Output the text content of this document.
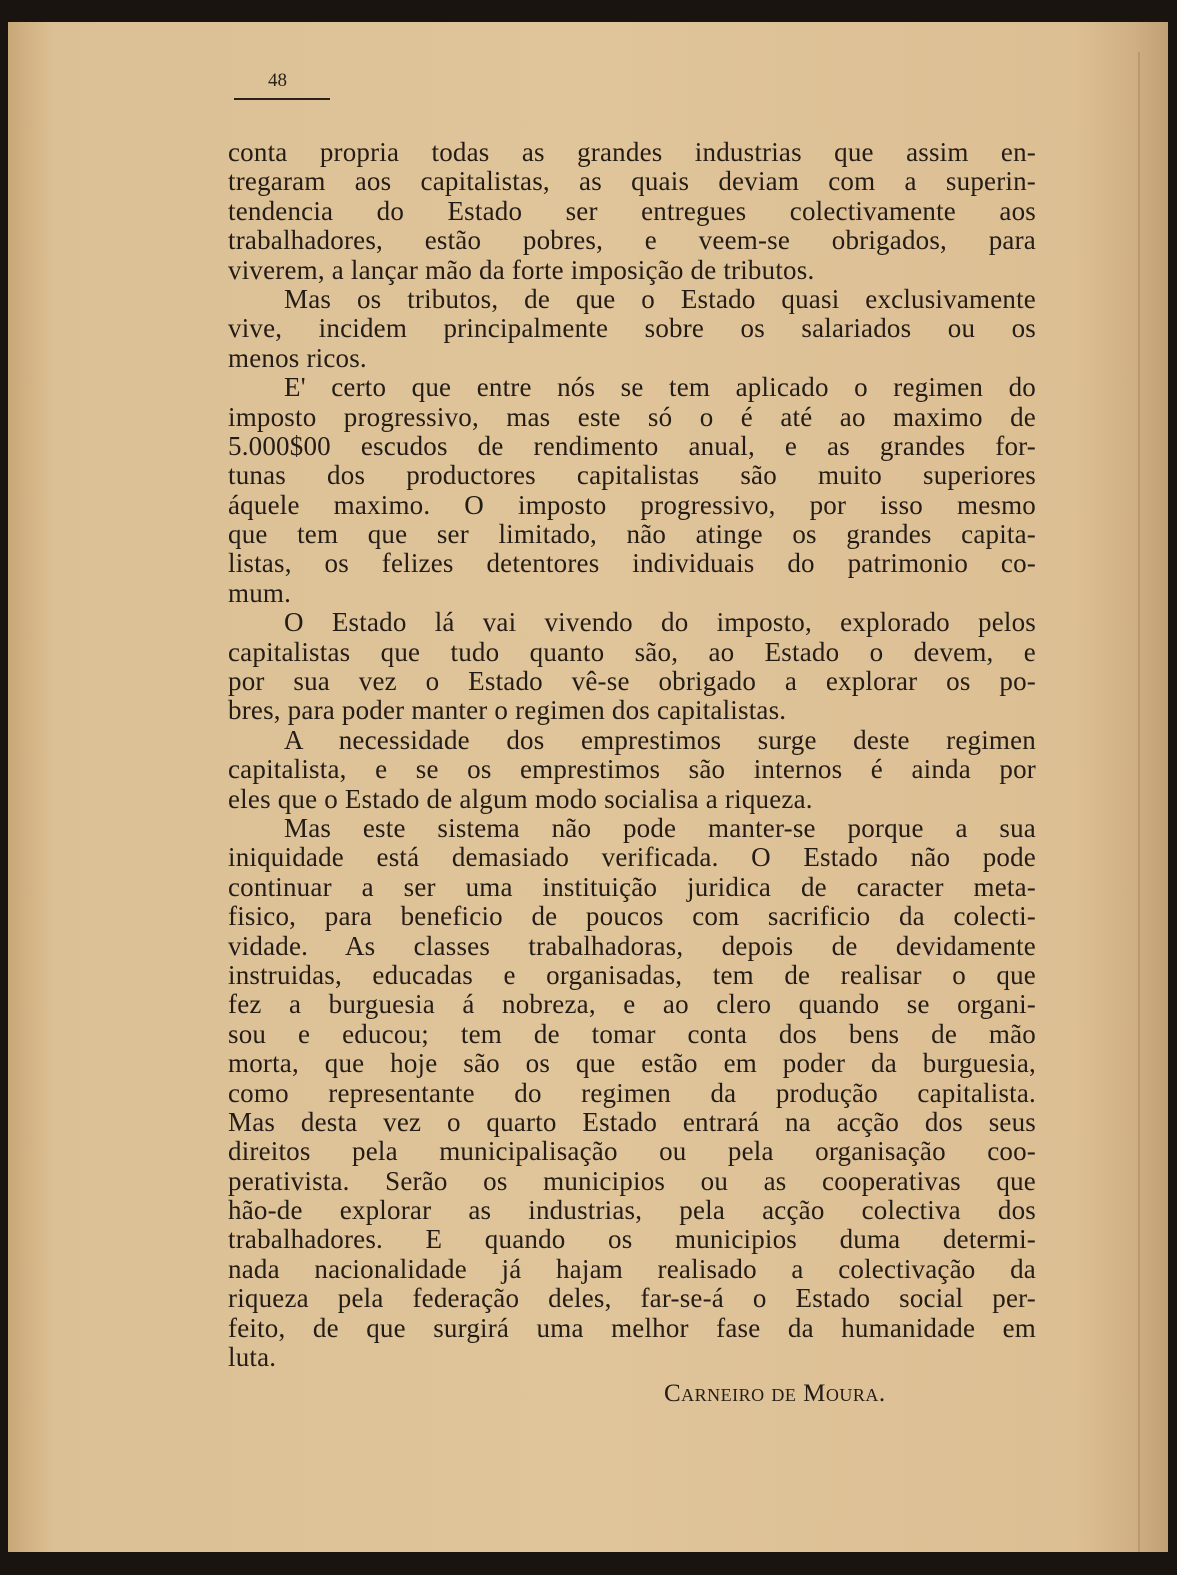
48
conta propria todas as grandes industrias que assim en-
tregaram aos capitalistas, as quais deviam com a superin-
tendencia do Estado ser entregues colectivamente aos
trabalhadores, estão pobres, e veem-se obrigados, para
viverem, a lançar mão da forte imposição de tributos.
Mas os tributos, de que o Estado quasi exclusivamente
vive, incidem principalmente sobre os salariados ou os
menos ricos.
E' certo que entre nós se tem aplicado o regimen do
imposto progressivo, mas este só o é até ao maximo de
5.000$00 escudos de rendimento anual, e as grandes for-
tunas dos productores capitalistas são muito superiores
áquele maximo. O imposto progressivo, por isso mesmo
que tem que ser limitado, não atinge os grandes capita-
listas, os felizes detentores individuais do patrimonio co-
mum.
O Estado lá vai vivendo do imposto, explorado pelos
capitalistas que tudo quanto são, ao Estado o devem, e
por sua vez o Estado vê-se obrigado a explorar os po-
bres, para poder manter o regimen dos capitalistas.
A necessidade dos emprestimos surge deste regimen
capitalista, e se os emprestimos são internos é ainda por
eles que o Estado de algum modo socialisa a riqueza.
Mas este sistema não pode manter-se porque a sua
iniquidade está demasiado verificada. O Estado não pode
continuar a ser uma instituição juridica de caracter meta-
fisico, para beneficio de poucos com sacrificio da colecti-
vidade. As classes trabalhadoras, depois de devidamente
instruidas, educadas e organisadas, tem de realisar o que
fez a burguesia á nobreza, e ao clero quando se organi-
sou e educou; tem de tomar conta dos bens de mão
morta, que hoje são os que estão em poder da burguesia,
como representante do regimen da produção capitalista.
Mas desta vez o quarto Estado entrará na acção dos seus
direitos pela municipalisação ou pela organisação coo-
perativista. Serão os municipios ou as cooperativas que
hão-de explorar as industrias, pela acção colectiva dos
trabalhadores. E quando os municipios duma determi-
nada nacionalidade já hajam realisado a colectivação da
riqueza pela federação deles, far-se-á o Estado social per-
feito, de que surgirá uma melhor fase da humanidade em
luta.
Carneiro de Moura.
